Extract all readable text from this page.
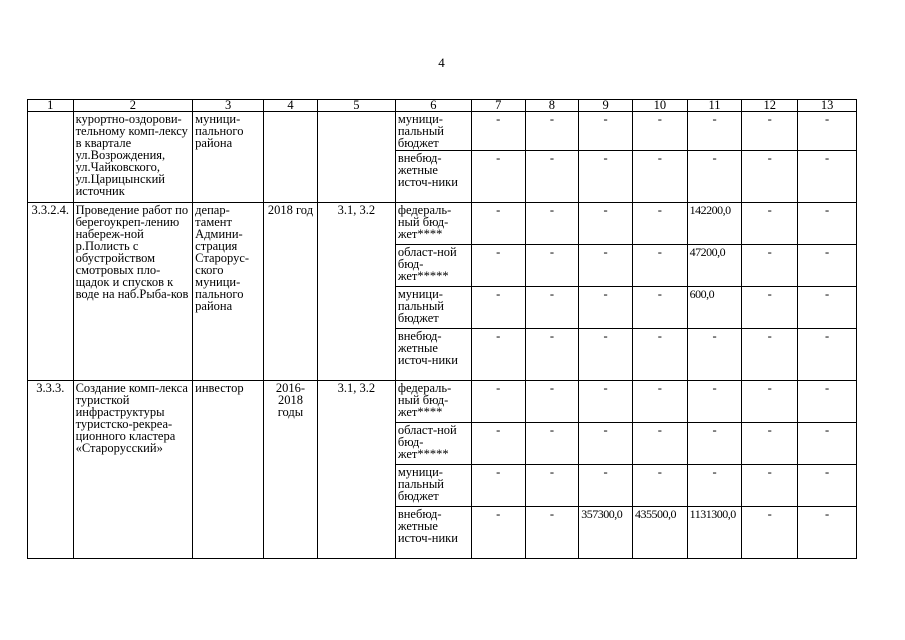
4
1	2	3	4	5	6	7	8	9	10	11	12	13
	курортно-оздорови-тельному комп-лексу в квартале ул.Возрождения, ул.Чайковского, ул.Царицынский источник	муници-пального района			муници-пальный бюджет	-	-	-	-	-	-	-
					внебюд-жетные источ-ники	-	-	-	-	-	-	-
3.3.2.4.	Проведение работ по берегоукреп-лению набереж-ной р.Полисть с обустройством смотровых пло-щадок и спусков к воде на наб.Рыба-ков	депар-тамент Админи-страция Старорус-ского муници-пального района	2018 год	3.1, 3.2	федераль-ный бюд-жет****	-	-	-	-	142200,0	-	-
					област-ной бюд-жет*****	-	-	-	-	47200,0	-	-
					муници-пальный бюджет	-	-	-	-	600,0	-	-
					внебюд-жетные источ-ники	-	-	-	-	-	-	-
3.3.3.	Создание комп-лекса туристкой инфраструктуры туристско-рекреа-ционного кластера «Старорусский»	инвестор	2016-2018 годы	3.1, 3.2	федераль-ный бюд-жет****	-	-	-	-	-	-	-
					област-ной бюд-жет*****	-	-	-	-	-	-	-
					муници-пальный бюджет	-	-	-	-	-	-	-
					внебюд-жетные источ-ники	-	-	357300,0	435500,0	1131300,0	-	-
